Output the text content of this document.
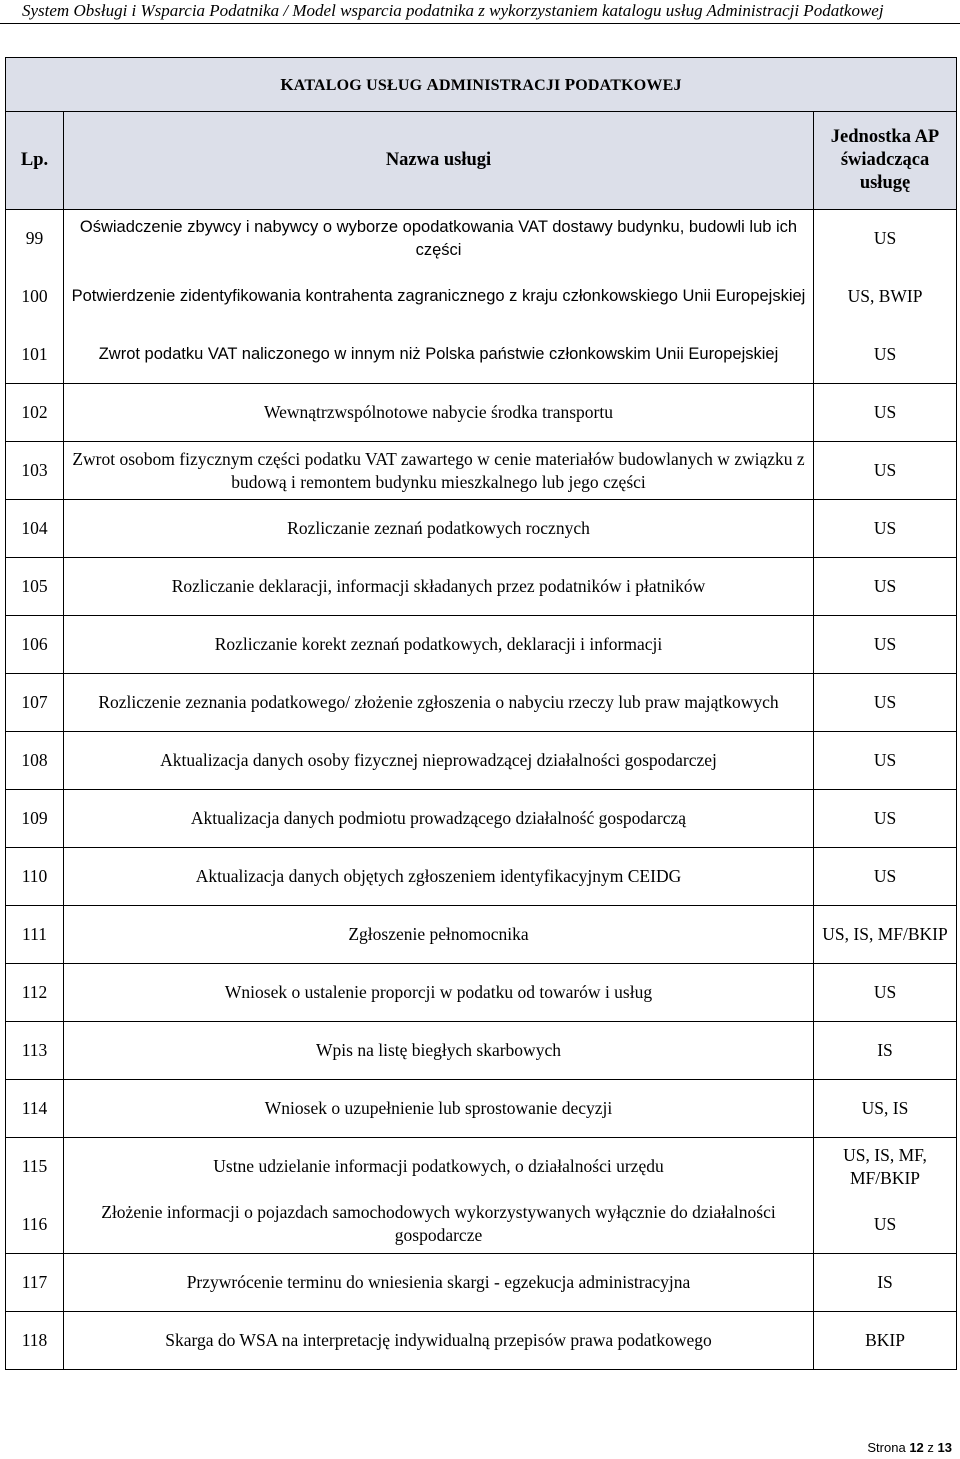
System Obsługi i Wsparcia Podatnika / Model wsparcia podatnika z wykorzystaniem katalogu usług Administracji Podatkowej
KATALOG USŁUG ADMINISTRACJI PODATKOWEJ		
Lp.	Nazwa usługi	Jednostka AP świadcząca usługę
99	Oświadczenie zbywcy i nabywcy o wyborze opodatkowania VAT dostawy budynku, budowli lub ich części	US
100	Potwierdzenie zidentyfikowania kontrahenta zagranicznego z kraju członkowskiego Unii Europejskiej	US, BWIP
101	Zwrot podatku VAT naliczonego w innym niż Polska państwie członkowskim Unii Europejskiej	US
102	Wewnątrzwspólnotowe nabycie środka transportu	US
103	Zwrot osobom fizycznym części podatku VAT zawartego w cenie materiałów budowlanych w związku z budową i remontem budynku mieszkalnego lub jego części	US
104	Rozliczanie zeznań podatkowych rocznych	US
105	Rozliczanie deklaracji, informacji składanych przez podatników i płatników	US
106	Rozliczanie korekt zeznań podatkowych, deklaracji i informacji	US
107	Rozliczenie zeznania podatkowego/ złożenie zgłoszenia o nabyciu rzeczy lub praw majątkowych	US
108	Aktualizacja danych osoby fizycznej nieprowadzącej działalności gospodarczej	US
109	Aktualizacja danych podmiotu prowadzącego działalność gospodarczą	US
110	Aktualizacja danych objętych zgłoszeniem identyfikacyjnym CEIDG	US
111	Zgłoszenie pełnomocnika	US, IS, MF/BKIP
112	Wniosek o ustalenie proporcji w podatku od towarów i usług	US
113	Wpis na listę biegłych skarbowych	IS
114	Wniosek o uzupełnienie lub sprostowanie decyzji	US, IS
115	Ustne udzielanie informacji podatkowych, o działalności urzędu	US, IS, MF, MF/BKIP
116	Złożenie informacji o pojazdach samochodowych wykorzystywanych wyłącznie do działalności gospodarcze	US
117	Przywrócenie terminu do wniesienia skargi - egzekucja administracyjna	IS
118	Skarga do WSA na interpretację indywidualną przepisów prawa podatkowego	BKIP
Strona 12 z 13
